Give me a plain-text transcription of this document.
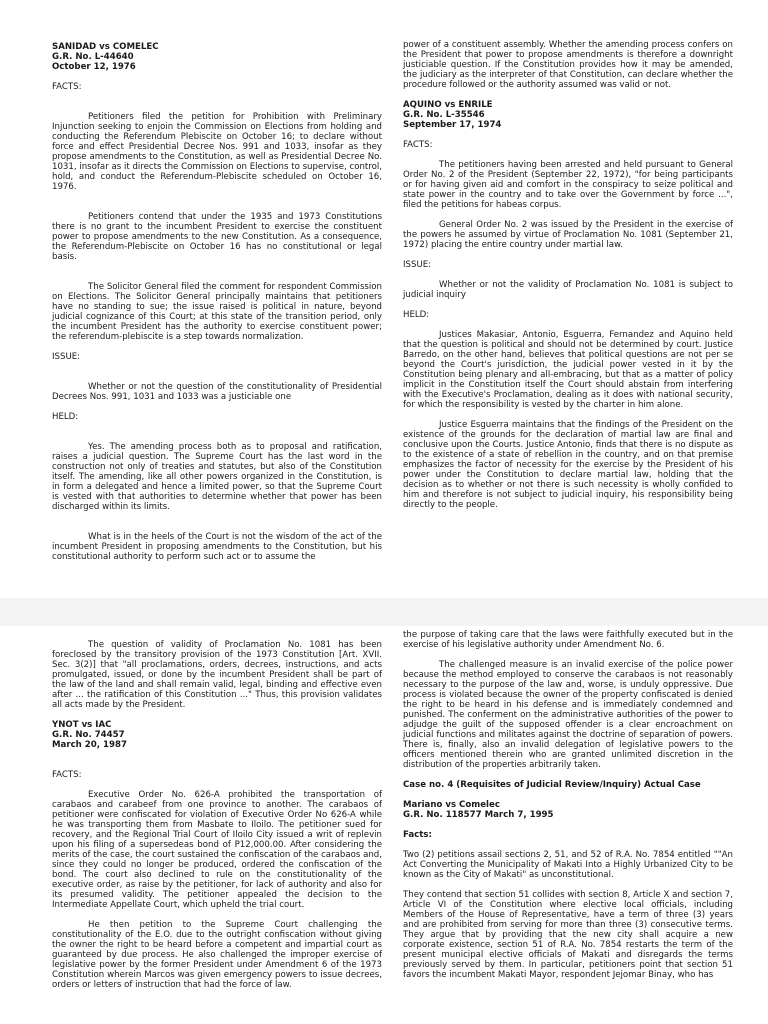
SANIDAD vs COMELEC

G.R. No. L-44640

October 12, 1976

FACTS:

Petitioners filed the petition for Prohibition with Preliminary Injunction seeking to enjoin the Commission on Elections from holding and conducting the Referendum Plebiscite on October 16; to declare without force and effect Presidential Decree Nos. 991 and 1033, insofar as they propose amendments to the Constitution, as well as Presidential Decree No. 1031, insofar as it directs the Commission on Elections to supervise, control, hold, and conduct the Referendum-Plebiscite scheduled on October 16, 1976.

Petitioners contend that under the 1935 and 1973 Constitutions there is no grant to the incumbent President to exercise the constituent power to propose amendments to the new Constitution. As a consequence, the Referendum-Plebiscite on October 16 has no constitutional or legal basis.

The Solicitor General filed the comment for respondent Commission on Elections. The Solicitor General principally maintains that petitioners have no standing to sue; the issue raised is political in nature, beyond judicial cognizance of this Court; at this state of the transition period, only the incumbent President has the authority to exercise constituent power; the referendum-plebiscite is a step towards normalization.

ISSUE:

Whether or not the question of the constitutionality of Presidential Decrees Nos. 991, 1031 and 1033 was a justiciable one

HELD:

Yes. The amending process both as to proposal and ratification, raises a judicial question. The Supreme Court has the last word in the construction not only of treaties and statutes, but also of the Constitution itself. The amending, like all other powers organized in the Constitution, is in form a delegated and hence a limited power, so that the Supreme Court is vested with that authorities to determine whether that power has been discharged within its limits.

What is in the heels of the Court is not the wisdom of the act of the incumbent President in proposing amendments to the Constitution, but his constitutional authority to perform such act or to assume the

power of a constituent assembly. Whether the amending process confers on the President that power to propose amendments is therefore a downright justiciable question. If the Constitution provides how it may be amended, the judiciary as the interpreter of that Constitution, can declare whether the procedure followed or the authority assumed was valid or not.

AQUINO vs ENRILE

G.R. No. L-35546

September 17, 1974

FACTS:

The petitioners having been arrested and held pursuant to General Order No. 2 of the President (September 22, 1972), "for being participants or for having given aid and comfort in the conspiracy to seize political and state power in the country and to take over the Government by force ...", filed the petitions for habeas corpus.

General Order No. 2 was issued by the President in the exercise of the powers he assumed by virtue of Proclamation No. 1081 (September 21, 1972) placing the entire country under martial law.

ISSUE:

Whether or not the validity of Proclamation No. 1081 is subject to judicial inquiry

HELD:

Justices Makasiar, Antonio, Esguerra, Fernandez and Aquino held that the question is political and should not be determined by court. Justice Barredo, on the other hand, believes that political questions are not per se beyond the Court's jurisdiction, the judicial power vested in it by the Constitution being plenary and all-embracing, but that as a matter of policy implicit in the Constitution itself the Court should abstain from interfering with the Executive's Proclamation, dealing as it does with national security, for which the responsibility is vested by the charter in him alone.

Justice Esguerra maintains that the findings of the President on the existence of the grounds for the declaration of martial law are final and conclusive upon the Courts. Justice Antonio, finds that there is no dispute as to the existence of a state of rebellion in the country, and on that premise emphasizes the factor of necessity for the exercise by the President of his power under the Constitution to declare martial law, holding that the decision as to whether or not there is such necessity is wholly confided to him and therefore is not subject to judicial inquiry, his responsibility being directly to the people.

The question of validity of Proclamation No. 1081 has been foreclosed by the transitory provision of the 1973 Constitution [Art. XVII. Sec. 3(2)] that "all proclamations, orders, decrees, instructions, and acts promulgated, issued, or done by the incumbent President shall be part of the law of the land and shall remain valid, legal, binding and effective even after ... the ratification of this Constitution ..." Thus, this provision validates all acts made by the President.

YNOT vs IAC

G.R. No. 74457

March 20, 1987

FACTS:

Executive Order No. 626-A prohibited the transportation of carabaos and carabeef from one province to another. The carabaos of petitioner were confiscated for violation of Executive Order No 626-A while he was transporting them from Masbate to Iloilo. The petitioner sued for recovery, and the Regional Trial Court of Iloilo City issued a writ of replevin upon his filing of a supersedeas bond of P12,000.00. After considering the merits of the case, the court sustained the confiscation of the carabaos and, since they could no longer be produced, ordered the confiscation of the bond. The court also declined to rule on the constitutionality of the executive order, as raise by the petitioner, for lack of authority and also for its presumed validity. The petitioner appealed the decision to the Intermediate Appellate Court, which upheld the trial court.

He then petition to the Supreme Court challenging the constitutionality of the E.O. due to the outright confiscation without giving the owner the right to be heard before a competent and impartial court as guaranteed by due process. He also challenged the improper exercise of legislative power by the former President under Amendment 6 of the 1973 Constitution wherein Marcos was given emergency powers to issue decrees, orders or letters of instruction that had the force of law.

the purpose of taking care that the laws were faithfully executed but in the exercise of his legislative authority under Amendment No. 6.

The challenged measure is an invalid exercise of the police power because the method employed to conserve the carabaos is not reasonably necessary to the purpose of the law and, worse, is unduly oppressive. Due process is violated because the owner of the property confiscated is denied the right to be heard in his defense and is immediately condemned and punished. The conferment on the administrative authorities of the power to adjudge the guilt of the supposed offender is a clear encroachment on judicial functions and militates against the doctrine of separation of powers. There is, finally, also an invalid delegation of legislative powers to the officers mentioned therein who are granted unlimited discretion in the distribution of the properties arbitrarily taken.

Case no. 4 (Requisites of Judicial Review/Inquiry) Actual Case

Mariano vs Comelec

G.R. No. 118577 March 7, 1995

Facts:

Two (2) petitions assail sections 2, 51, and 52 of R.A. No. 7854 entitled ""An Act Converting the Municipality of Makati Into a Highly Urbanized City to be known as the City of Makati" as unconstitutional.

They contend that section 51 collides with section 8, Article X and section 7, Article VI of the Constitution where elective local officials, including Members of the House of Representative, have a term of three (3) years and are prohibited from serving for more than three (3) consecutive terms. They argue that by providing that the new city shall acquire a new corporate existence, section 51 of R.A. No. 7854 restarts the term of the present municipal elective officials of Makati and disregards the terms previously served by them. In particular, petitioners point that section 51 favors the incumbent Makati Mayor, respondent Jejomar Binay, who has
